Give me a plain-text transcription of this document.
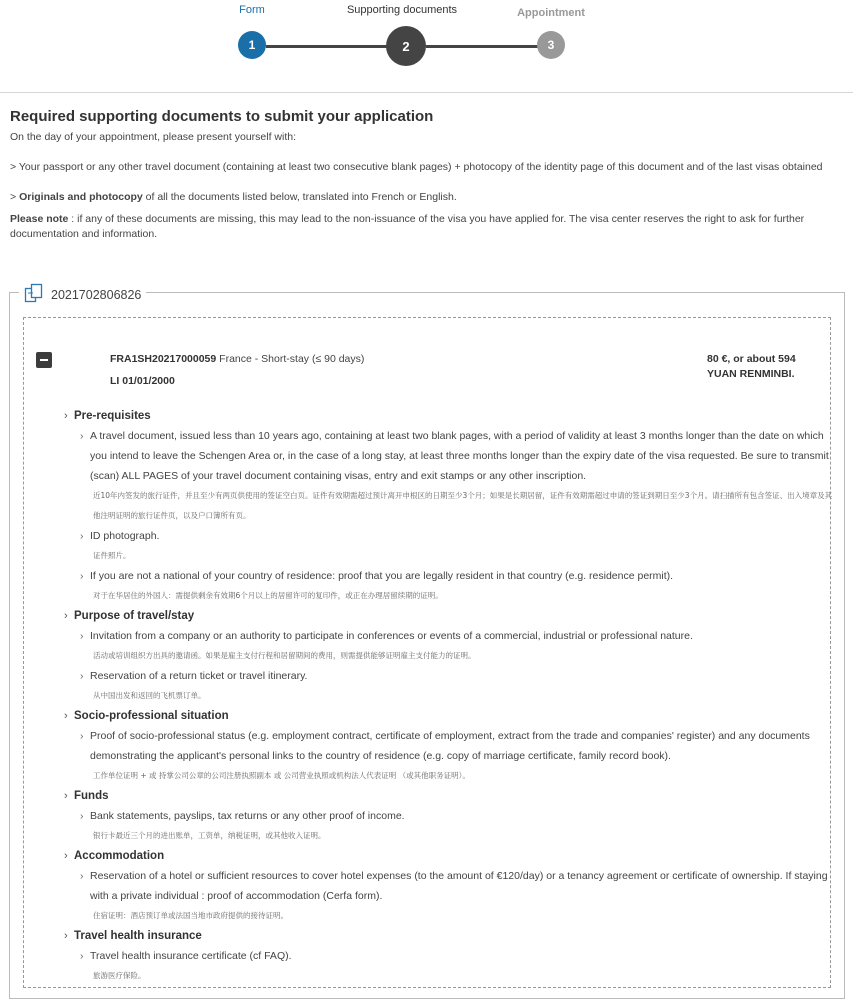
Form
1
Supporting documents
2
Appointment
3
Required supporting documents to submit your application

On the day of your appointment, please present yourself with:

> Your passport or any other travel document (containing at least two consecutive blank pages) + photocopy of the identity page of this document and of the last visas obtained

> Originals and photocopy of all the documents listed below, translated into French or English.

Please note : if any of these documents are missing, this may lead to the non-issuance of the visa you have applied for. The visa center reserves the right to ask for further documentation and information.

2021702806826
FRA1SH20217000059 France - Short-stay (≤ 90 days)
LI 01/01/2000
80 €, or about 594 YUAN RENMINBI.
› Pre-requisites
› A travel document, issued less than 10 years ago, containing at least two blank pages, with a period of validity at least 3 months longer than the date on which you intend to leave the Schengen Area or, in the case of a long stay, at least three months longer than the expiry date of the visa requested. Be sure to transmit (scan) ALL PAGES of your travel document containing visas, entry and exit stamps or any other inscription.
近10年内签发的旅行证件，并且至少有两页供使用的签证空白页。证件有效期需超过预计离开申根区的日期至少3个月；如果是长期居留，证件有效期需超过申请的签证到期日至少3个月。请扫描所有包含签证、出入境章及其他注明证明的旅行证件页，以及户口簿所有页。
› ID photograph.
证件照片。
› If you are not a national of your country of residence: proof that you are legally resident in that country (e.g. residence permit).
对于在华居住的外国人：需提供剩余有效期6个月以上的居留许可的复印件，或正在办理居留续期的证明。
› Purpose of travel/stay
› Invitation from a company or an authority to participate in conferences or events of a commercial, industrial or professional nature.
活动或培训组织方出具的邀请函。如果是雇主支付行程和居留期间的费用，则需提供能够证明雇主支付能力的证明。
› Reservation of a return ticket or travel itinerary.
从中国出发和返回的飞机票订单。
› Socio-professional situation
› Proof of socio-professional status (e.g. employment contract, certificate of employment, extract from the trade and companies' register) and any documents demonstrating the applicant's personal links to the country of residence (e.g. copy of marriage certificate, family record book).
工作单位证明 + 或 持掌公司公章的公司注册执照副本 或 公司营业执照或机构法人代表证明 （或其他职务证明）。
› Funds
› Bank statements, payslips, tax returns or any other proof of income.
银行卡最近三个月的进出账单，工资单，纳税证明，或其他收入证明。
› Accommodation
› Reservation of a hotel or sufficient resources to cover hotel expenses (to the amount of €120/day) or a tenancy agreement or certificate of ownership. If staying with a private individual : proof of accommodation (Cerfa form).
住宿证明：酒店预订单或法国当地市政府提供的接待证明。
› Travel health insurance
› Travel health insurance certificate (cf FAQ).
旅游医疗保险。
